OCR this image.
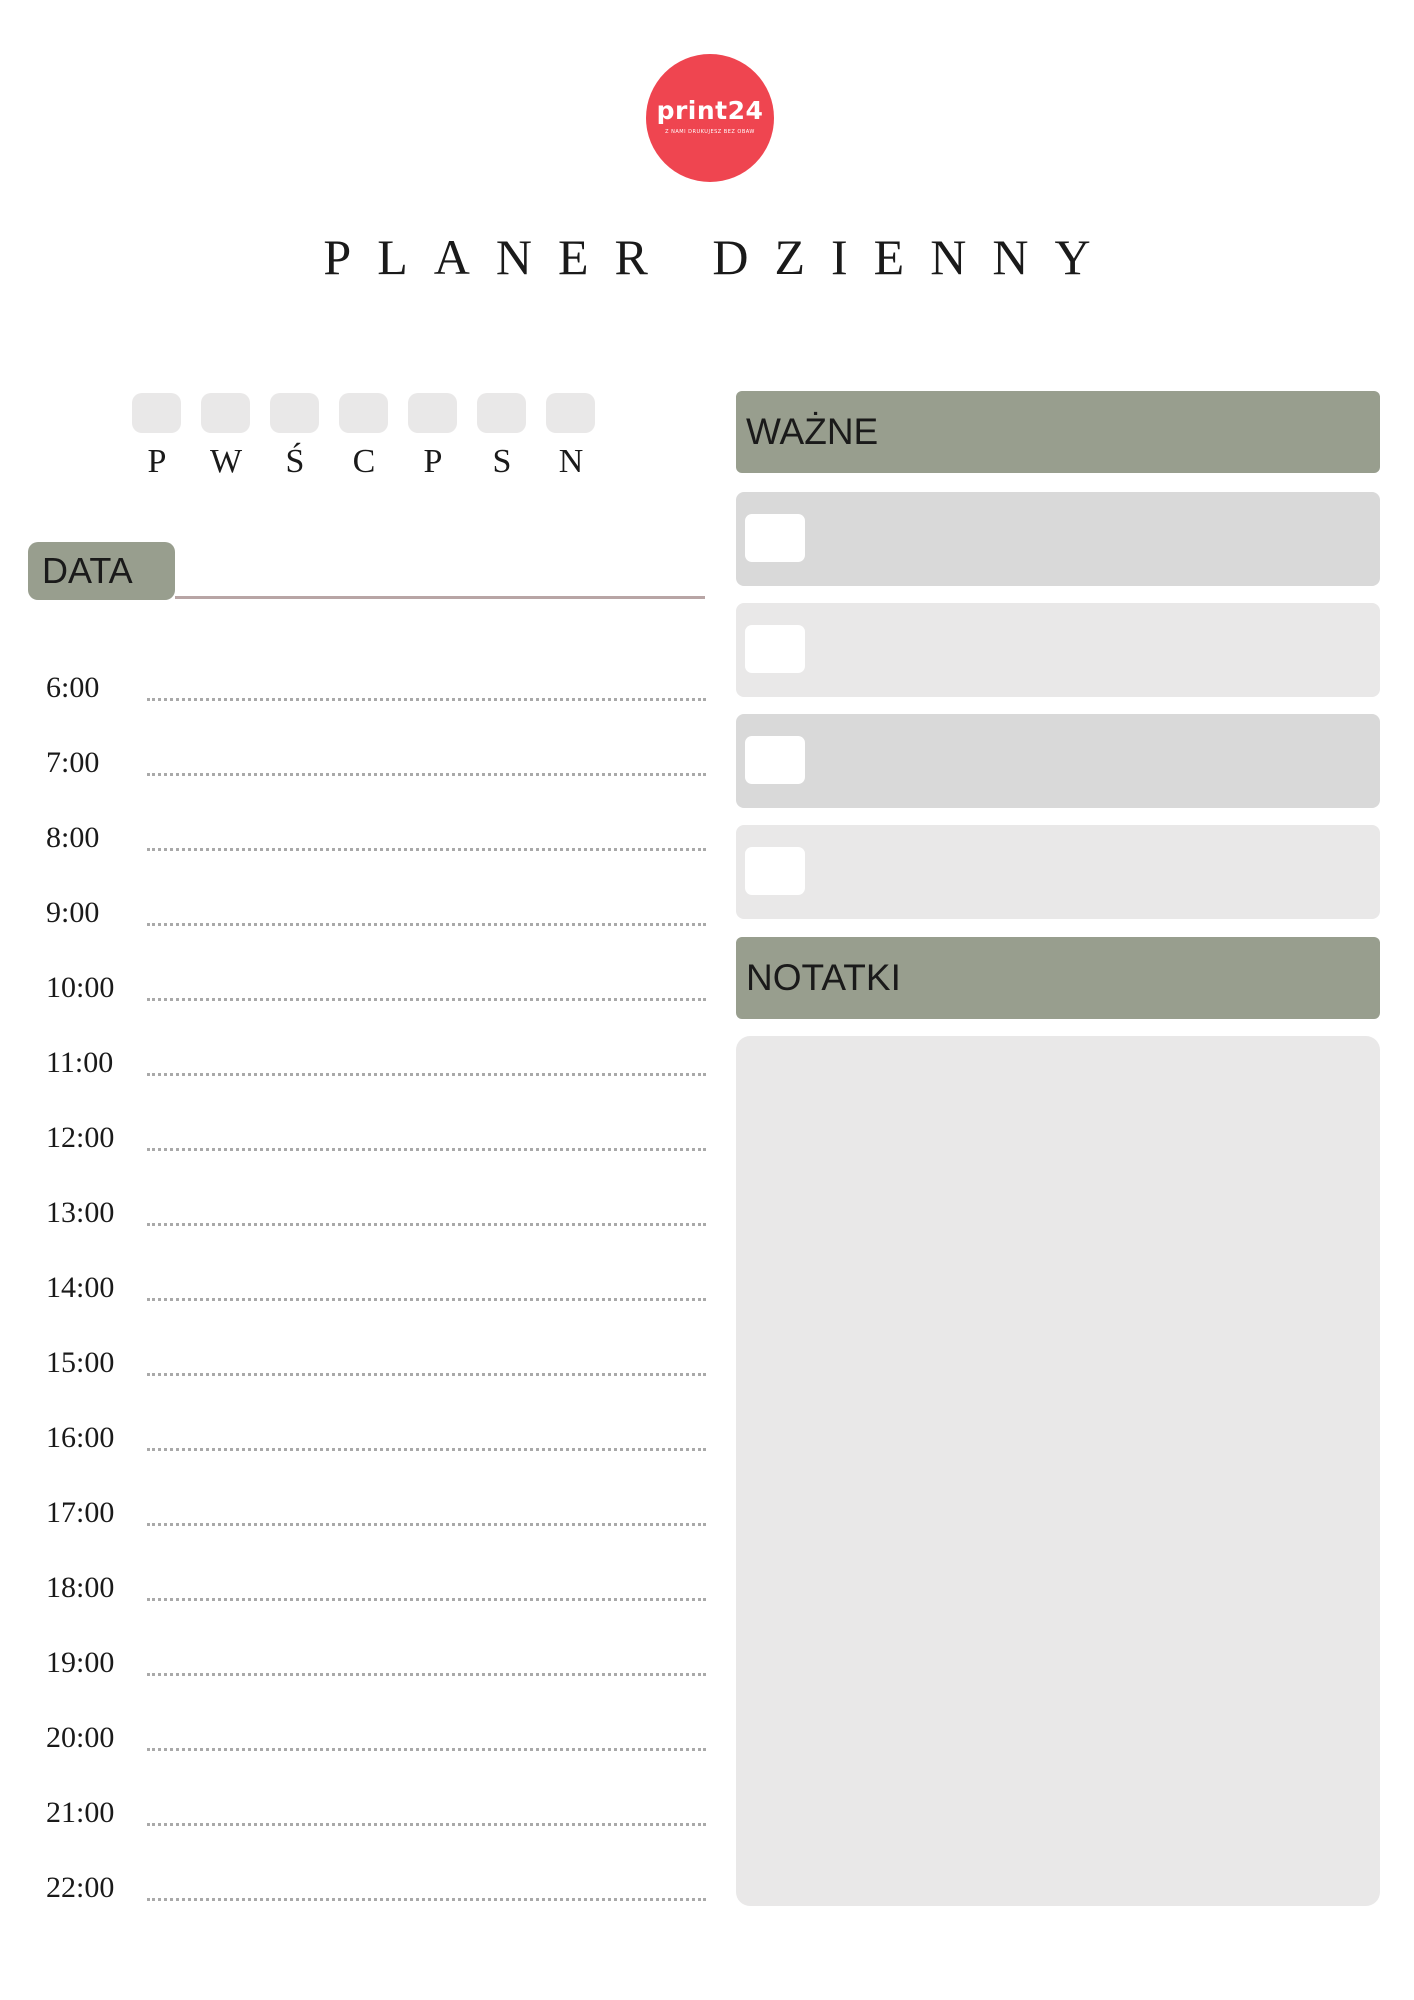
print24
Z NAMI DRUKUJESZ BEZ OBAW
PLANER DZIENNY
P	W	Ś	C	P	S	N
DATA
6:00
7:00
8:00
9:00
10:00
11:00
12:00
13:00
14:00
15:00
16:00
17:00
18:00
19:00
20:00
21:00
22:00
WAŻNE
NOTATKI
